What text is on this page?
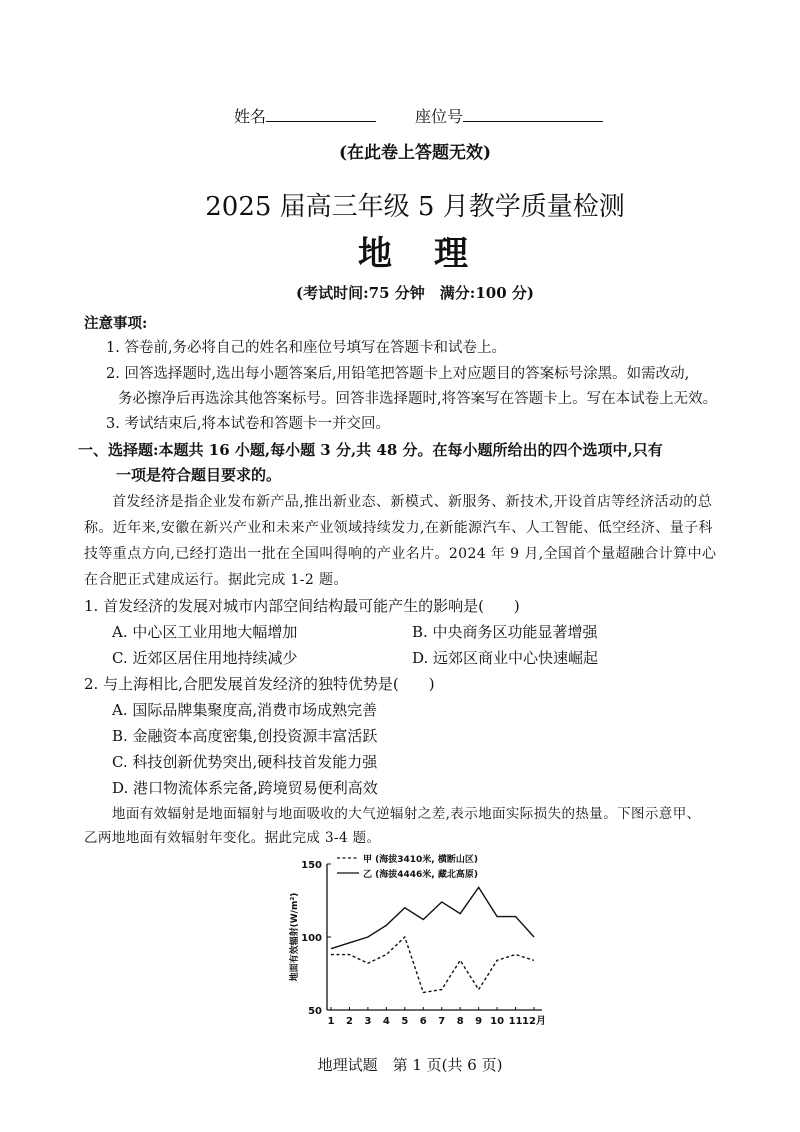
姓名	座位号
(在此卷上答题无效)
2025 届高三年级 5 月教学质量检测
地　理
(考试时间:75 分钟　满分:100 分)
注意事项:
1. 答卷前,务必将自己的姓名和座位号填写在答题卡和试卷上。
2. 回答选择题时,选出每小题答案后,用铅笔把答题卡上对应题目的答案标号涂黑。如需改动,
务必擦净后再选涂其他答案标号。回答非选择题时,将答案写在答题卡上。写在本试卷上无效。
3. 考试结束后,将本试卷和答题卡一并交回。
一、选择题:本题共 16 小题,每小题 3 分,共 48 分。在每小题所给出的四个选项中,只有
一项是符合题目要求的。
首发经济是指企业发布新产品,推出新业态、新模式、新服务、新技术,开设首店等经济活动的总
称。近年来,安徽在新兴产业和未来产业领域持续发力,在新能源汽车、人工智能、低空经济、量子科
技等重点方向,已经打造出一批在全国叫得响的产业名片。2024 年 9 月,全国首个量超融合计算中心
在合肥正式建成运行。据此完成 1-2 题。
1. 首发经济的发展对城市内部空间结构最可能产生的影响是(　　)
A. 中心区工业用地大幅增加	B. 中央商务区功能显著增强
C. 近郊区居住用地持续减少	D. 远郊区商业中心快速崛起
2. 与上海相比,合肥发展首发经济的独特优势是(　　)
A. 国际品牌集聚度高,消费市场成熟完善
B. 金融资本高度密集,创投资源丰富活跃
C. 科技创新优势突出,硬科技首发能力强
D. 港口物流体系完备,跨境贸易便利高效
地面有效辐射是地面辐射与地面吸收的大气逆辐射之差,表示地面实际损失的热量。下图示意甲、
乙两地地面有效辐射年变化。据此完成 3-4 题。
50
100
150
1 2 3 4 5 6 7 8 9 10 11 12月
地面有效辐射(W/m²)
甲 (海拔3410米, 横断山区)
乙 (海拔4446米, 藏北高原)
地理试题　第 1 页(共 6 页)
